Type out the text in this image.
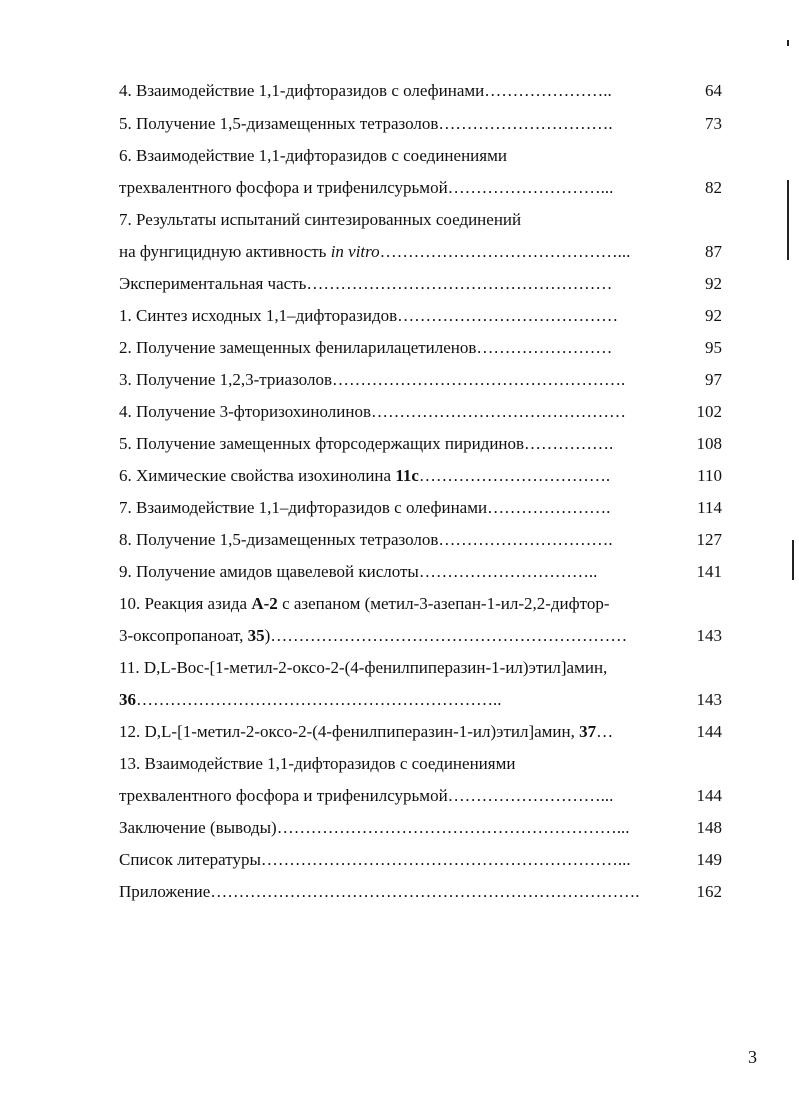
4. Взаимодействие 1,1-дифторазидов с олефинами…………………..	64
5. Получение 1,5-дизамещенных тетразолов………………………….	73
6. Взаимодействие 1,1-дифторазидов с соединениями
трехвалентного фосфора и трифенилсурьмой………………………...	82
7. Результаты испытаний синтезированных соединений
на фунгицидную активность in vitro……………………………………...	87
Экспериментальная часть………………………………………………	92
1. Синтез исходных 1,1–дифторазидов…………………………………	92
2. Получение замещенных фениларилацетиленов……………………	95
3. Получение 1,2,3-триазолов…………………………………………….	97
4. Получение 3-фторизохинолинов………………………………………	102
5. Получение замещенных фторсодержащих пиридинов…………….	108
6. Химические свойства изохинолина 11с…………………………….	110
7. Взаимодействие 1,1–дифторазидов с олефинами………………….	114
8. Получение 1,5-дизамещенных тетразолов………………………….	127
9. Получение амидов щавелевой кислоты…………………………..	141
10. Реакция азида А-2 с азепаном (метил-3-азепан-1-ил-2,2-дифтор-
3-оксопропаноат, 35)………………………………………………………	143
11. D,L-Boc-[1-метил-2-оксо-2-(4-фенилпиперазин-1-ил)этил]амин,
36………………………………………………………..	143
12. D,L-[1-метил-2-оксо-2-(4-фенилпиперазин-1-ил)этил]амин, 37…	144
13. Взаимодействие 1,1-дифторазидов с соединениями
трехвалентного фосфора и трифенилсурьмой………………………...	144
Заключение (выводы)……………………………………………………...	148
Список литературы………………………………………………………...	149
Приложение………………………………………………………………….	162
3
